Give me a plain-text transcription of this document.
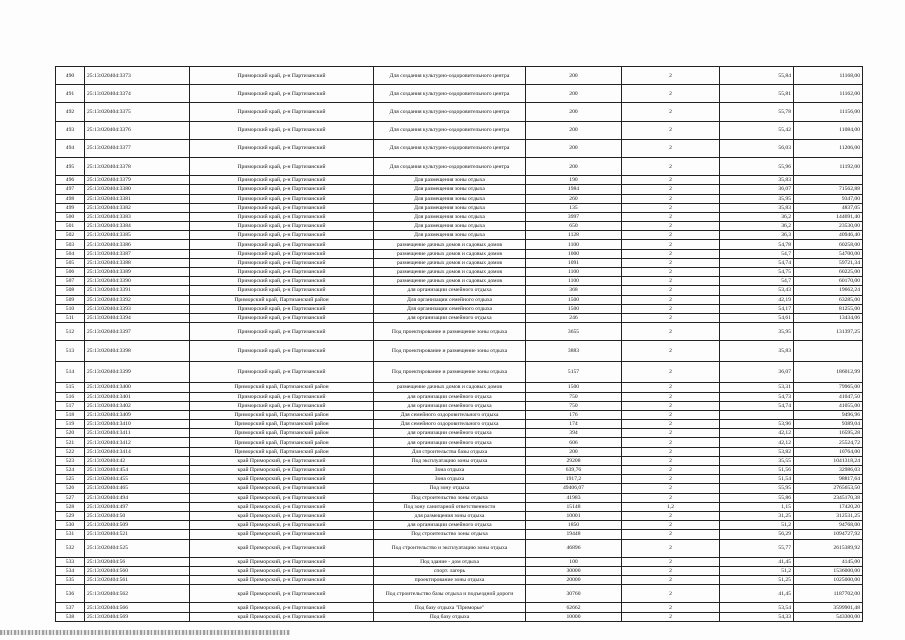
490	25:13:020404:3373	Приморский край, р-н Партизанский	Для создания культурно-оздоровительного центра	200	2	55,84	11168,00
491	25:13:020404:3374	Приморский край, р-н Партизанский	Для создания культурно-оздоровительного центра	200	2	55,81	11162,00
492	25:13:020404:3375	Приморский край, р-н Партизанский	Для создания культурно-оздоровительного центра	200	2	55,78	11156,00
493	25:13:020404:3376	Приморский край, р-н Партизанский	Для создания культурно-оздоровительного центра	200	2	55,42	11084,00
494	25:13:020404:3377	Приморский край, р-н Партизанский	Для создания культурно-оздоровительного центра	200	2	56,03	11206,00
495	25:13:020404:3378	Приморский край, р-н Партизанский	Для создания культурно-оздоровительного центра	200	2	55,96	11192,00
496	25:13:020404:3379	Приморский край, р-н Партизанский	Для размещения зоны отдыха	190	2	35,83	
497	25:13:020404:3380	Приморский край, р-н Партизанский	Для размещения зоны отдыха	1984	2	36,07	71562,88
498	25:13:020404:3381	Приморский край, р-н Партизанский	Для размещения зоны отдыха	260	2	35,95	9347,00
499	25:13:020404:3382	Приморский край, р-н Партизанский	Для размещения зоны отдыха	135	2	35,83	4837,05
500	25:13:020404:3383	Приморский край, р-н Партизанский	Для размещения зоны отдыха	3997	2	36,2	144691,40
501	25:13:020404:3384	Приморский край, р-н Партизанский	Для размещения зоны отдыха	650	2	36,2	23530,00
502	25:13:020404:3385	Приморский край, р-н Партизанский	Для размещения зоны отдыха	1128	2	36,3	40946,40
503	25:13:020404:3386	Приморский край, р-н Партизанский	размещение дачных домов и садовых домов	1100	2	54,78	60258,00
504	25:13:020404:3387	Приморский край, р-н Партизанский	размещение дачных домов и садовых домов	1000	2	54,7	54700,00
505	25:13:020404:3388	Приморский край, р-н Партизанский	размещение дачных домов и садовых домов	1091	2	54,74	59721,34
506	25:13:020404:3389	Приморский край, р-н Партизанский	размещение дачных домов и садовых домов	1100	2	54,75	60225,00
507	25:13:020404:3390	Приморский край, р-н Партизанский	размещение дачных домов и садовых домов	1100	2	54,7	60170,00
508	25:13:020404:3391	Приморский край, р-н Партизанский	для организации семейного отдыха	368	2	53,43	19662,24
509	25:13:020404:3392	Приморский край, Партизанский район	Для организации семейного отдыха	1500	2	42,19	63285,00
510	25:13:020404:3393	Приморский край, р-н Партизанский	Для организации семейного отдыха	1500	2	54,17	81255,00
511	25:13:020404:3394	Приморский край, р-н Партизанский	для организации семейного отдыха	246	2	54,61	13434,06
512	25:13:020404:3397	Приморский край, р-н Партизанский	Под проектирование и размещение зоны отдыха	3655	2	35,95	131397,25
513	25:13:020404:3398	Приморский край, р-н Партизанский	Под проектирование и размещение зоны отдыха	3883	2	35,83	
514	25:13:020404:3399	Приморский край, р-н Партизанский	Под проектирование и размещение зоны отдыха	5157	2	36,07	186012,99
515	25:13:020404:3400	Приморский край, Партизанский район	размещение дачных домов и садовых домов	1500	2	53,31	79965,00
516	25:13:020404:3401	Приморский край, р-н Партизанский	для организации семейного отдыха	750	2	54,73	41047,50
517	25:13:020404:3402	Приморский край, р-н Партизанский	для организации семейного отдыха	750	2	54,74	41055,00
518	25:13:020404:3409	Приморский край, Партизанский район	Для семейного оздоровительного отдыха	176	2		9496,96
519	25:13:020404:3410	Приморский край, Партизанский район	Для семейного оздоровительного отдыха	174	2	53,96	9389,04
520	25:13:020404:3411	Приморский край, Партизанский район	для организации семейного отдыха	394	2	42,12	16595,28
521	25:13:020404:3412	Приморский край, Партизанский район	для организации семейного отдыха	606	2	42,12	25524,72
522	25:13:020404:3414	Приморский край, Партизанский район	Для строительства базы отдыха	200	2	53,82	10764,00
523	25:13:020404:42	край Приморский, р-н Партизанский	Под эксплуатацию зоны отдыха	29208	2	35,55	1041318,24
524	25:13:020404:454	край Приморский, р-н Партизанский	Зона отдыха	639,76	2	51,56	32986,03
525	25:13:020404:455	край Приморский, р-н Партизанский	Зона отдыха	1917,2	2	51,54	98817,64
526	25:13:020404:465	край Приморский, р-н Партизанский	Под зону отдыха	49406,07	2	55,95	2765653,50
527	25:13:020404:494	край Приморский, р-н Партизанский	Под строительство зоны отдыха	41983	2	55,86	2345170,38
528	25:13:020404:497	край Приморский, р-н Партизанский	Под зону санитарной ответственности	15148	1,2	1,15	17420,20
529	25:13:020404:50	край Приморский, р-н Партизанский	для размещения зоны отдыха	10001	2	31,25	312531,25
530	25:13:020404:509	край Приморский, р-н Партизанский	для организации семейного отдыха	1850	2	51,2	94768,00
531	25:13:020404:521	край Приморский, р-н Партизанский	Под строительство зоны отдыха	19448	2	56,29	1094727,92
532	25:13:020404:525	край Приморский, р-н Партизанский	Под строительство и эксплуатацию зоны отдыха	46896	2	55,77	2615389,92
533	25:13:020404:56	край Приморский, р-н Партизанский	Под здание - дом отдыха	100	2	41,45	4145,00
534	25:13:020404:560	край Приморский, р-н Партизанский	спорт. лагерь	30000	2	51,2	1536000,00
535	25:13:020404:561	край Приморский, р-н Партизанский	проектирование зоны отдыха	20000	2	51,25	1025000,00
536	25:13:020404:562	край Приморский, р-н Партизанский	Под строительство базы отдыха и подъездной дороги	30760	2	41,45	1187702,00
537	25:13:020404:566	край Приморский, р-н Партизанский	Под базу отдыха "Приморье"	62662	2	53,54	3599901,48
538	25:13:020404:569	край Приморский, р-н Партизанский	Под базу отдыха	10000	2	54,33	543300,00
